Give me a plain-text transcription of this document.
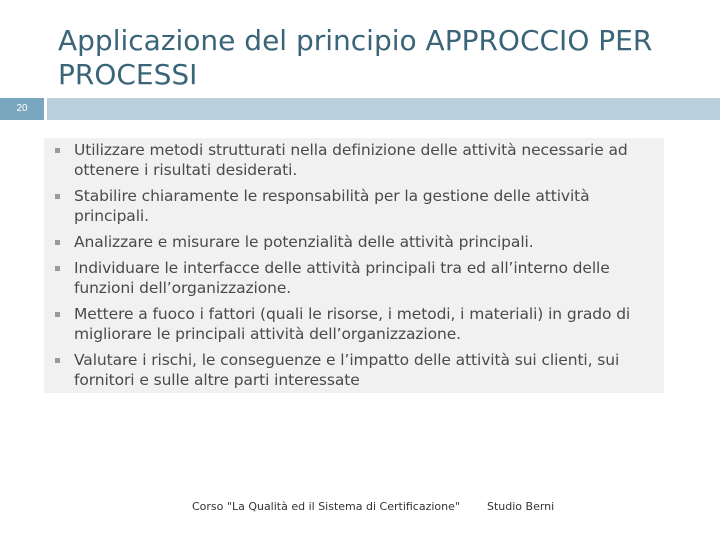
Applicazione del principio APPROCCIO PER PROCESSI
20
Utilizzare metodi strutturati nella definizione delle attività necessarie ad ottenere i risultati desiderati.
Stabilire chiaramente le responsabilità per la gestione delle attività principali.
Analizzare e misurare le potenzialità delle attività principali.
Individuare le interfacce delle attività principali tra ed all’interno delle funzioni dell’organizzazione.
Mettere a fuoco i fattori (quali le risorse, i metodi, i materiali) in grado di migliorare le principali attività dell’organizzazione.
Valutare i rischi, le conseguenze e l’impatto delle attività sui clienti, sui fornitori e sulle altre parti interessate
Corso "La Qualità ed il Sistema di Certificazione" Studio Berni
